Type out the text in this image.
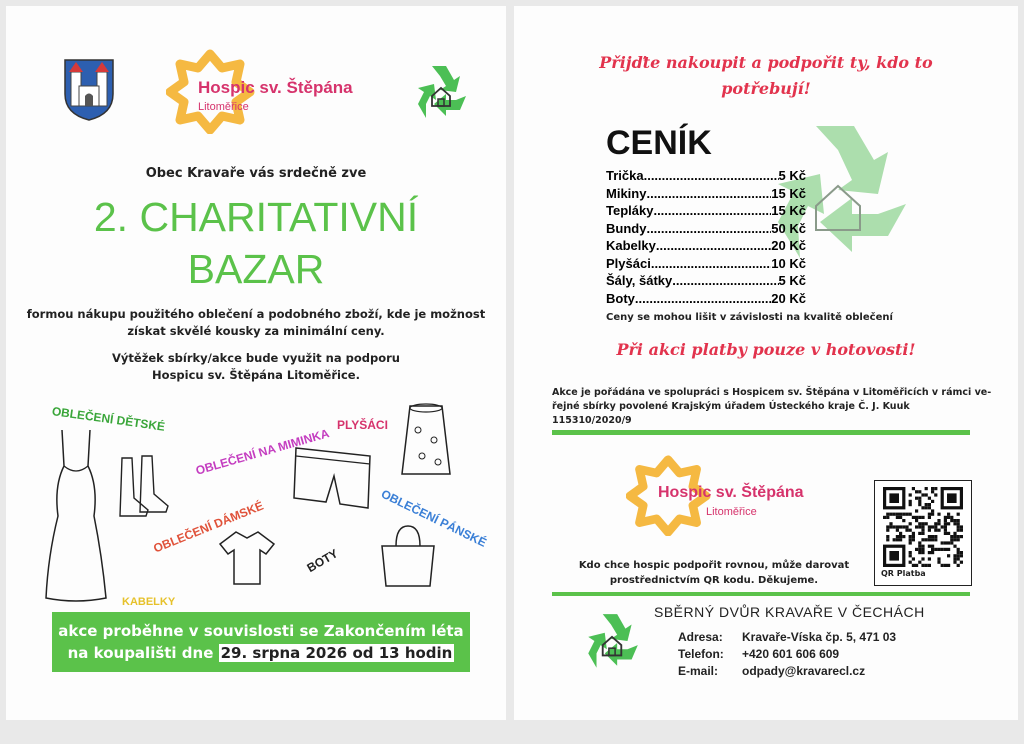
Hospic sv. Štěpána
Litoměřice
Obec Kravaře vás srdečně zve
2. CHARITATIVNÍ
BAZAR
formou nákupu použitého oblečení a podobného zboží, kde je možnost
získat skvělé kousky za minimální ceny.
Výtěžek sbírky/akce bude využit na podporu
Hospicu sv. Štěpána Litoměřice.
OBLEČENÍ DĚTSKÉ
OBLEČENÍ NA MIMINKA
PLYŠÁCI
OBLEČENÍ DÁMSKÉ	OBLEČENÍ PÁNSKÉ
BOTY
KABELKY
akce proběhne v souvislosti se Zakončením léta
na koupališti dne 29. srpna 2026 od 13 hodin
Přijďte nakoupit a podpořit ty, kdo to
potřebují!
CENÍK
Trička .....	5 Kč
Mikiny .....	15 Kč
Tepláky .....	15 Kč
Bundy .....	50 Kč
Kabelky .....	20 Kč
Plyšáci .....	10 Kč
Šály, šátky .....	5 Kč
Boty .....	20 Kč
Ceny se mohou lišit v závislosti na kvalitě oblečení
Při akci platby pouze v hotovosti!
Akce je pořádána ve spolupráci s Hospicem sv. Štěpána v Litoměřicích v rámci ve-
řejné sbírky povolené Krajským úřadem Ústeckého kraje Č. J. Kuuk 115310/2020/9
Hospic sv. Štěpána
Litoměřice
QR Platba
Kdo chce hospic podpořit rovnou, může darovat
prostřednictvím QR kodu. Děkujeme.
SBĚRNÝ DVŮR KRAVAŘE V ČECHÁCH
Adresa: Kravaře-Víska čp. 5, 471 03
Telefon: +420 601 606 609
E-mail: odpady@kravarecl.cz
